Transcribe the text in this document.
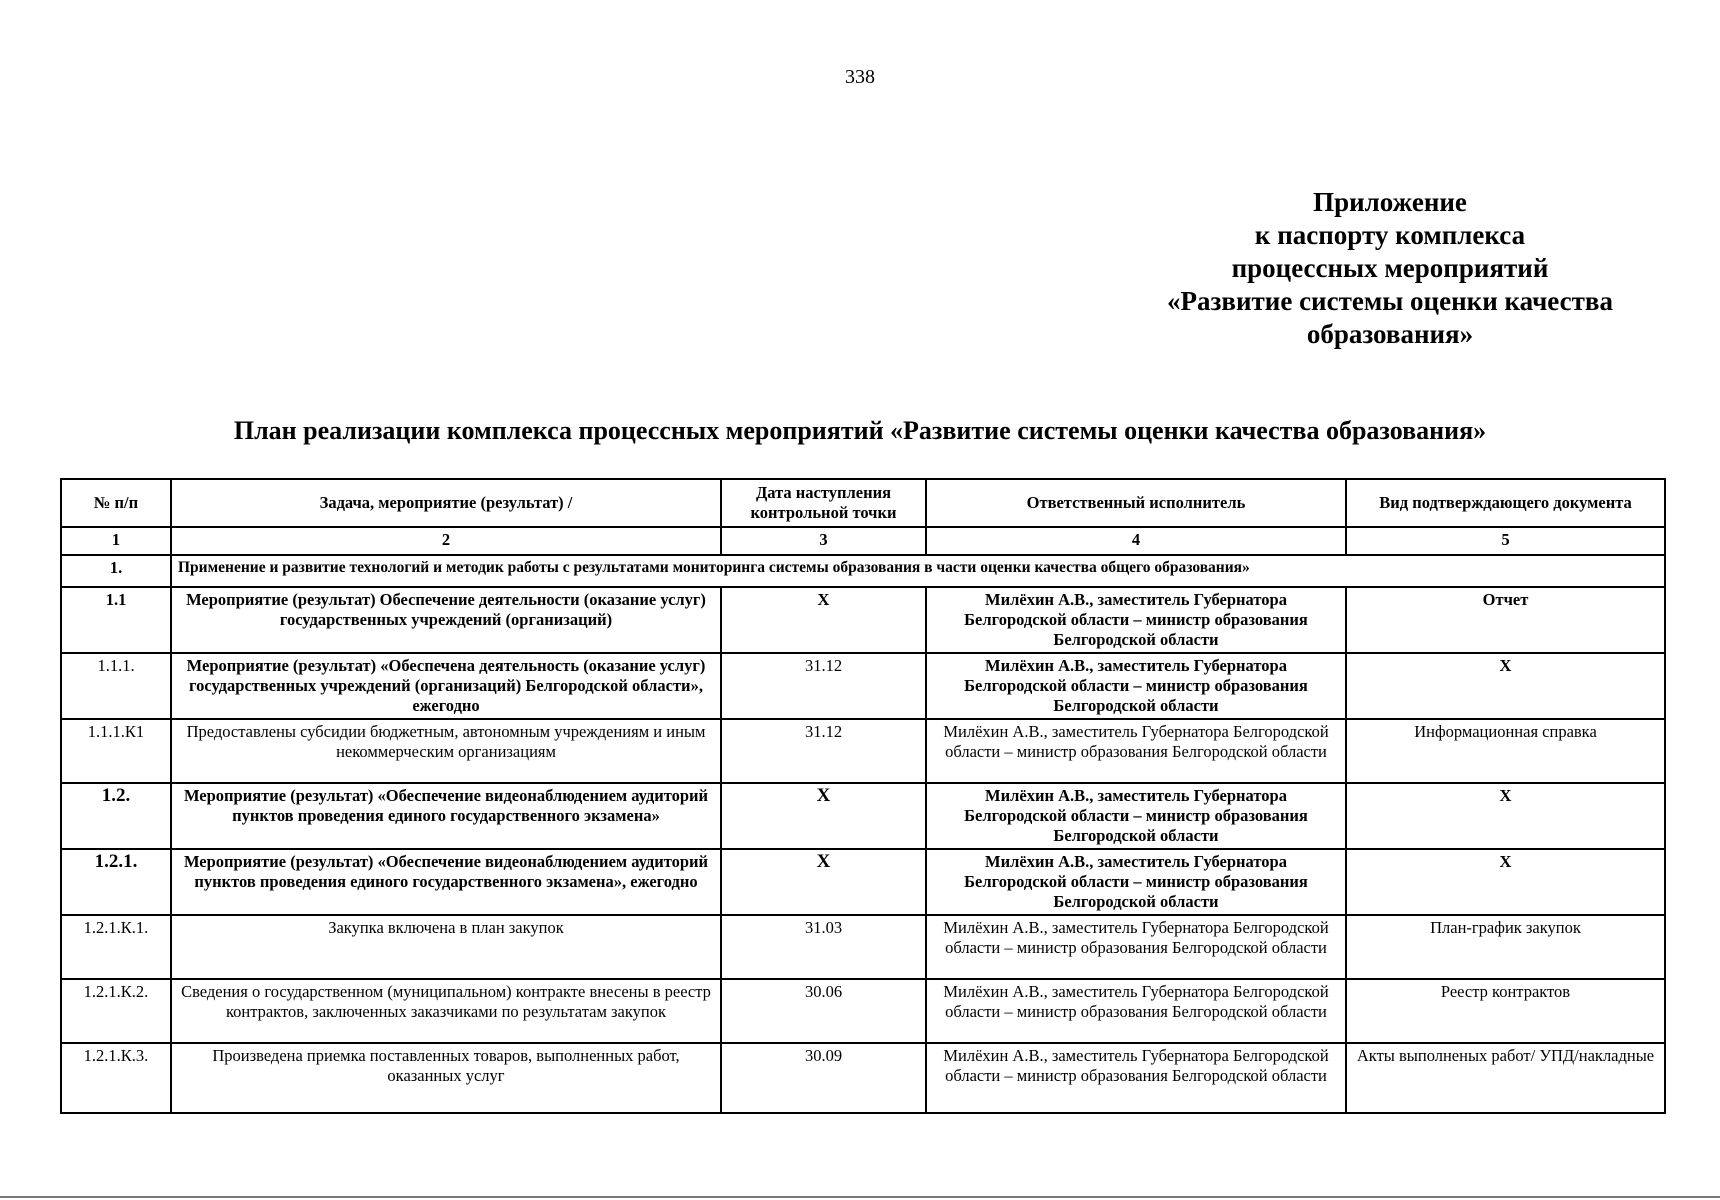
338
Приложение
к паспорту комплекса
процессных мероприятий
«Развитие системы оценки качества
образования»
План реализации комплекса процессных мероприятий «Развитие системы оценки качества образования»
№ п/п	Задача, мероприятие (результат) /	Дата наступления контрольной точки	Ответственный исполнитель	Вид подтверждающего документа
1	2	3	4	5
1.	Применение и развитие технологий и методик работы с результатами мониторинга системы образования в части оценки качества общего образования»			
1.1	Мероприятие (результат) Обеспечение деятельности (оказание услуг) государственных учреждений (организаций)	X	Милёхин А.В., заместитель Губернатора Белгородской области – министр образования Белгородской области	Отчет
1.1.1.	Мероприятие (результат) «Обеспечена деятельность (оказание услуг) государственных учреждений (организаций) Белгородской области», ежегодно	31.12	Милёхин А.В., заместитель Губернатора Белгородской области – министр образования Белгородской области	X
1.1.1.К1	Предоставлены субсидии бюджетным, автономным учреждениям и иным некоммерческим организациям	31.12	Милёхин А.В., заместитель Губернатора Белгородской области – министр образования Белгородской области	Информационная справка
1.2.	Мероприятие (результат) «Обеспечение видеонаблюдением аудиторий пунктов проведения единого государственного экзамена»	X	Милёхин А.В., заместитель Губернатора Белгородской области – министр образования Белгородской области	X
1.2.1.	Мероприятие (результат) «Обеспечение видеонаблюдением аудиторий пунктов проведения единого государственного экзамена», ежегодно	X	Милёхин А.В., заместитель Губернатора Белгородской области – министр образования Белгородской области	X
1.2.1.К.1.	Закупка включена в план закупок	31.03	Милёхин А.В., заместитель Губернатора Белгородской области – министр образования Белгородской области	План-график закупок
1.2.1.К.2.	Сведения о государственном (муниципальном) контракте внесены в реестр контрактов, заключенных заказчиками по результатам закупок	30.06	Милёхин А.В., заместитель Губернатора Белгородской области – министр образования Белгородской области	Реестр контрактов
1.2.1.К.3.	Произведена приемка поставленных товаров, выполненных работ, оказанных услуг	30.09	Милёхин А.В., заместитель Губернатора Белгородской области – министр образования Белгородской области	Акты выполненых работ/ УПД/накладные
